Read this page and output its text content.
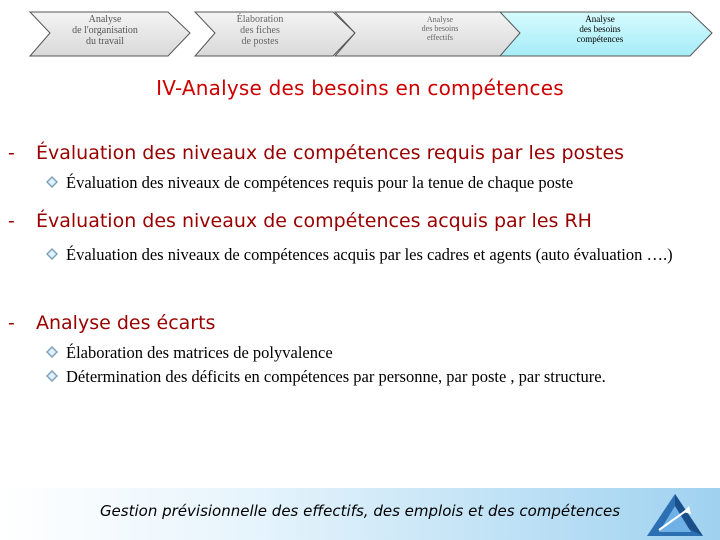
Analyse
de l'organisation
du travail
Élaboration
des fiches
de postes
Analyse
des besoins
effectifs
Analyse
des besoins
compétences
IV-Analyse des besoins en compétences
- Évaluation des niveaux de compétences requis par les postes
Évaluation des niveaux de compétences requis pour la tenue de chaque poste
- Évaluation des niveaux de compétences acquis par les RH
Évaluation des niveaux de compétences acquis par les cadres et agents (auto évaluation ….)
- Analyse des écarts
Élaboration des matrices de polyvalence
Détermination des déficits en compétences par personne, par poste , par structure.
Gestion prévisionnelle des effectifs, des emplois et des compétences
